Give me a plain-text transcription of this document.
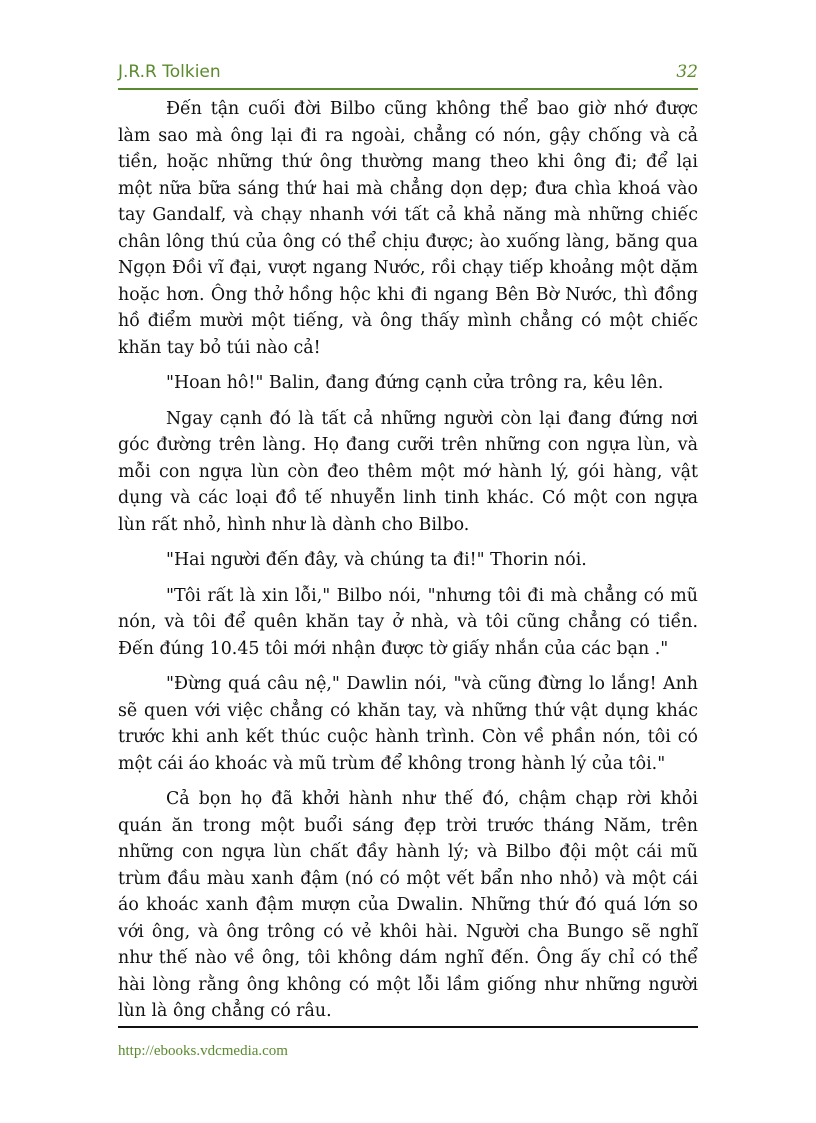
J.R.R Tolkien	32

Đến tận cuối đời Bilbo cũng không thể bao giờ nhớ được làm sao mà ông lại đi ra ngoài, chẳng có nón, gậy chống và cả tiền, hoặc những thứ ông thường mang theo khi ông đi; để lại một nữa bữa sáng thứ hai mà chẳng dọn dẹp; đưa chìa khoá vào tay Gandalf, và chạy nhanh với tất cả khả năng mà những chiếc chân lông thú của ông có thể chịu được; ào xuống làng, băng qua Ngọn Đồi vĩ đại, vượt ngang Nước, rồi chạy tiếp khoảng một dặm hoặc hơn. Ông thở hồng hộc khi đi ngang Bên Bờ Nước, thì đồng hồ điểm mười một tiếng, và ông thấy mình chẳng có một chiếc khăn tay bỏ túi nào cả!

"Hoan hô!" Balin, đang đứng cạnh cửa trông ra, kêu lên.

Ngay cạnh đó là tất cả những người còn lại đang đứng nơi góc đường trên làng. Họ đang cưỡi trên những con ngựa lùn, và mỗi con ngựa lùn còn đeo thêm một mớ hành lý, gói hàng, vật dụng và các loại đồ tế nhuyễn linh tinh khác. Có một con ngựa lùn rất nhỏ, hình như là dành cho Bilbo.

"Hai người đến đây, và chúng ta đi!" Thorin nói.

"Tôi rất là xin lỗi," Bilbo nói, "nhưng tôi đi mà chẳng có mũ nón, và tôi để quên khăn tay ở nhà, và tôi cũng chẳng có tiền. Đến đúng 10.45 tôi mới nhận được tờ giấy nhắn của các bạn ."

"Đừng quá câu nệ," Dawlin nói, "và cũng đừng lo lắng! Anh sẽ quen với việc chẳng có khăn tay, và những thứ vật dụng khác trước khi anh kết thúc cuộc hành trình. Còn về phần nón, tôi có một cái áo khoác và mũ trùm để không trong hành lý của tôi."

Cả bọn họ đã khởi hành như thế đó, chậm chạp rời khỏi quán ăn trong một buổi sáng đẹp trời trước tháng Năm, trên những con ngựa lùn chất đầy hành lý; và Bilbo đội một cái mũ trùm đầu màu xanh đậm (nó có một vết bẩn nho nhỏ) và một cái áo khoác xanh đậm mượn của Dwalin. Những thứ đó quá lớn so với ông, và ông trông có vẻ khôi hài. Người cha Bungo sẽ nghĩ như thế nào về ông, tôi không dám nghĩ đến. Ông ấy chỉ có thể hài lòng rằng ông không có một lỗi lầm giống như những người lùn là ông chẳng có râu.

http://ebooks.vdcmedia.com
